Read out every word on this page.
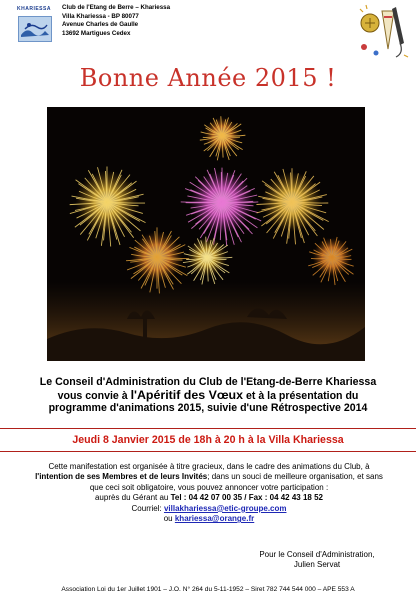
KHARIESSA	Club de l'Etang de Berre – Khariessa
Villa Khariessa - BP 80077
Avenue Charles de Gaulle
13692 Martigues Cedex
Bonne Année 2015 !
Le Conseil d'Administration du Club de l'Etang-de-Berre Khariessa
vous convie à l'Apéritif des Vœux et à la présentation du
programme d'animations 2015, suivie d'une Rétrospective 2014
Jeudi 8 Janvier 2015 de 18h à 20 h à la Villa Khariessa
Cette manifestation est organisée à titre gracieux, dans le cadre des animations du Club, à
l'intention de ses Membres et de leurs Invités; dans un souci de meilleure organisation, et sans
que ceci soit obligatoire, vous pouvez annoncer votre participation :
auprès du Gérant au Tel : 04 42 07 00 35 / Fax : 04 42 43 18 52
Courriel: villakhariessa@etic-groupe.com
ou khariessa@orange.fr
Pour le Conseil d'Administration,
Julien Servat
Association Loi du 1er Juillet 1901 – J.O. N° 264 du 5-11-1952 – Siret 782 744 544 000 – APE 553 A
